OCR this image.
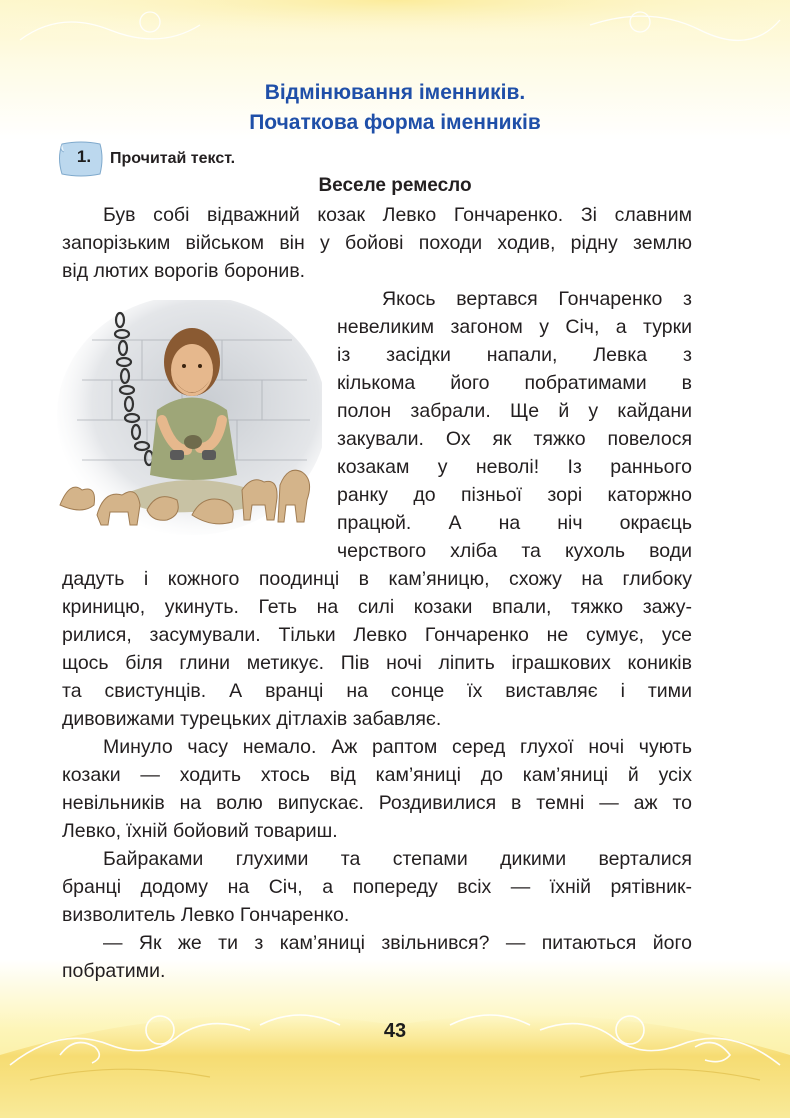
Відмінювання іменників.
Початкова форма іменників
1.	Прочитай текст.
Веселе ремесло
Був собі відважний козак Левко Гончаренко. Зі славним
запорізьким військом він у бойові походи ходив, рідну землю
від лютих ворогів боронив.
Якось вертався Гончаренко з
невеликим загоном у Січ, а турки
із засідки напали, Левка з
кількома його побратимами в
полон забрали. Ще й у кайдани
закували. Ох як тяжко повелося
козакам у неволі! Із раннього
ранку до пізньої зорі каторжно
працюй. А на ніч окраєць
черствого хліба та кухоль води
дадуть і кожного поодинці в кам’яницю, схожу на глибоку
криницю, укинуть. Геть на силі козаки впали, тяжко зажу-
рилися, засумували. Тільки Левко Гончаренко не сумує, усе
щось біля глини метикує. Пів ночі ліпить іграшкових коників
та свистунців. А вранці на сонце їх виставляє і тими
дивовижами турецьких дітлахів забавляє.
Минуло часу немало. Аж раптом серед глухої ночі чують
козаки — ходить хтось від кам’яниці до кам’яниці й усіх
невільників на волю випускає. Роздивилися в темні — аж то
Левко, їхній бойовий товариш.
Байраками глухими та степами дикими верталися
бранці додому на Січ, а попереду всіх — їхній рятівник-
визволитель Левко Гончаренко.
— Як же ти з кам’яниці звільнився? — питаються його
побратими.
43
